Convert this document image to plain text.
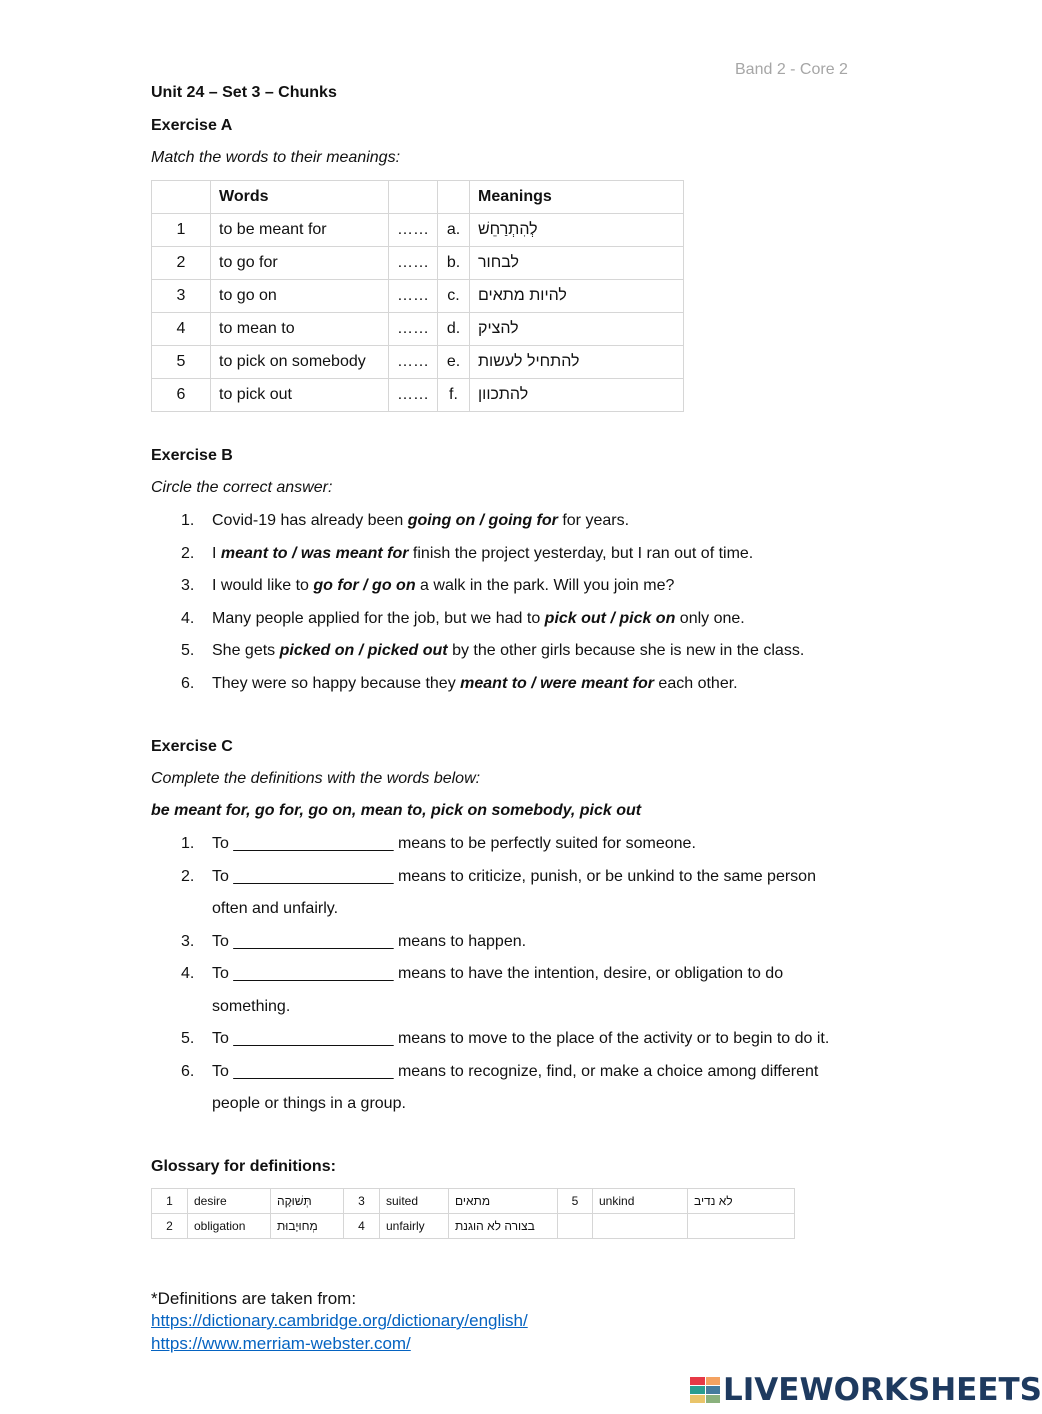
Band 2 - Core 2
Unit 24 – Set 3 – Chunks
Exercise A
Match the words to their meanings:
	Words			Meanings
1	to be meant for	……	a.	לְהִתְרַחֵשׁ
2	to go for	……	b.	לבחור
3	to go on	……	c.	להיות מתאים
4	to mean to	……	d.	להציק
5	to pick on somebody	……	e.	להתחיל לעשות
6	to pick out	……	f.	להתכוון
Exercise B
Circle the correct answer:
1. Covid-19 has already been going on / going for for years.
2. I meant to / was meant for finish the project yesterday, but I ran out of time.
3. I would like to go for / go on a walk in the park. Will you join me?
4. Many people applied for the job, but we had to pick out / pick on only one.
5. She gets picked on / picked out by the other girls because she is new in the class.
6. They were so happy because they meant to / were meant for each other.
Exercise C
Complete the definitions with the words below:
be meant for, go for, go on, mean to, pick on somebody, pick out
1. To __________________ means to be perfectly suited for someone.
2. To __________________ means to criticize, punish, or be unkind to the same person
often and unfairly.
3. To __________________ means to happen.
4. To __________________ means to have the intention, desire, or obligation to do
something.
5. To __________________ means to move to the place of the activity or to begin to do it.
6. To __________________ means to recognize, find, or make a choice among different
people or things in a group.
Glossary for definitions:
1	desire	תְּשׁוּקָה	3	suited	מתאים	5	unkind	לא נדיב
2	obligation	מְחוּיָבוּת	4	unfairly	בצורה לא הוגנת			
*Definitions are taken from:
https://dictionary.cambridge.org/dictionary/english/
https://www.merriam-webster.com/
LIVEWORKSHEETS
